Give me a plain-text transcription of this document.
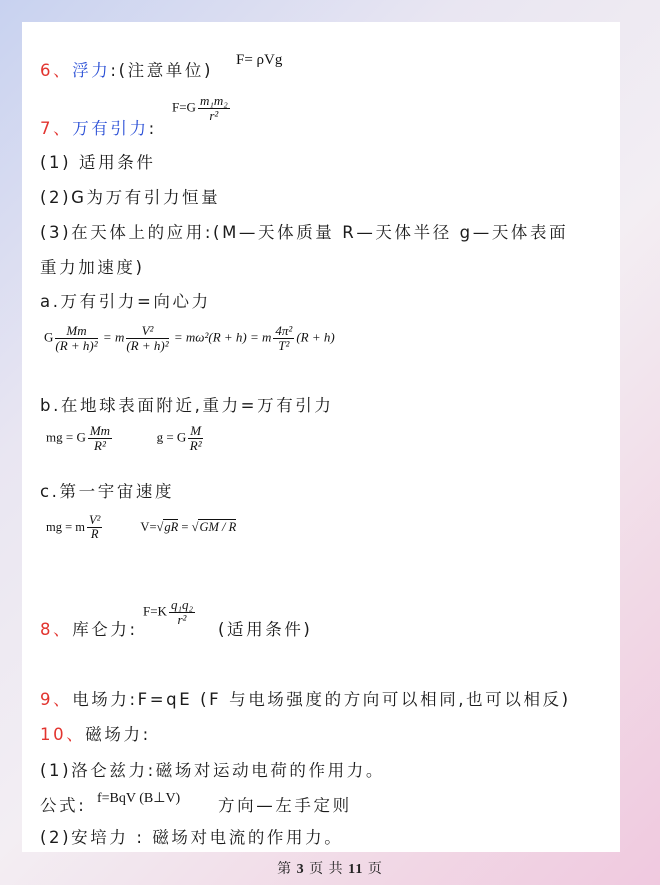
6、浮力:(注意单位)
F= ρVg
7、万有引力:
$F=G \frac{\text{m₁m₂}}{\text{r²}}$
(1) 适用条件
(2)G为万有引力恒量
(3)在天体上的应用:(M—天体质量 R—天体半径 g—天体表面
重力加速度)
a.万有引力=向心力
G $\frac{Mm}{\text{(R + h)²}} = m \frac{\text{V²}}{\text{(R + h)²}} = m\omega^2(R + h) = m \frac{\text{4π²}}{\text{T²}} (R + h)$
b.在地球表面附近,重力=万有引力
mg = G $\frac{Mm}{\text{R²}}$	g = G $\frac{M}{\text{R²}}$
c.第一宇宙速度
mg = m $\frac{\text{V²}}{R}$	V=√gR = √GM / R
8、库仑力:
$F=K \frac{\text{q₁q₂}}{\text{r²}}$
(适用条件)
9、电场力:F=qE (F 与电场强度的方向可以相同,也可以相反)
10、磁场力:
(1)洛仑兹力:磁场对运动电荷的作用力。
公式: f=BqV (B⊥V) 方向—左手定则
(2)安培力 : 磁场对电流的作用力。
第 3 页 共 11 页
